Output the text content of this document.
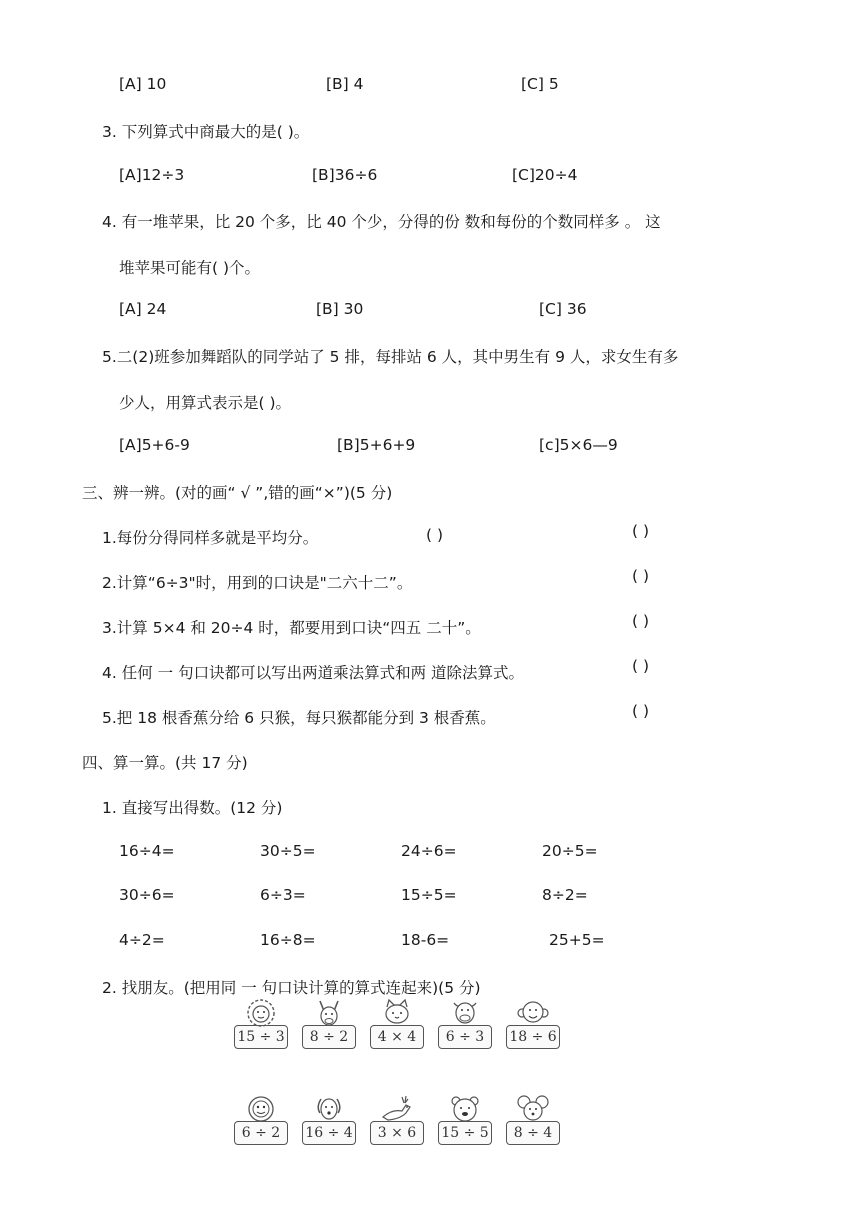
[A] 10	[B] 4	[C] 5
3. 下列算式中商最大的是( )。
[A]12÷3	[B]36÷6	[C]20÷4
4. 有一堆苹果，比 20 个多，比 40 个少，分得的份 数和每份的个数同样多 。 这
堆苹果可能有( )个。
[A] 24	[B] 30	[C] 36
5.二(2)班参加舞蹈队的同学站了 5 排，每排站 6 人，其中男生有 9 人，求女生有多
少人，用算式表示是( )。
[A]5+6-9	[B]5+6+9	[c]5×6—9
三、辨一辨。(对的画“ √ ”,错的画“×”)(5 分)
1.每份分得同样多就是平均分。	( )	( )
2.计算“6÷3"时，用到的口诀是"二六十二”。	( )
3.计算 5×4 和 20÷4 时，都要用到口诀“四五 二十”。	( )
4. 任何 一 句口诀都可以写出两道乘法算式和两 道除法算式。	( )
5.把 18 根香蕉分给 6 只猴，每只猴都能分到 3 根香蕉。	( )
四、算一算。(共 17 分)
1. 直接写出得数。(12 分)
16÷4=	30÷5=	24÷6=	20÷5=
30÷6=	6÷3=	15÷5=	8÷2=
4÷2=	16÷8=	18-6=	25+5=
2. 找朋友。(把用同 一 句口诀计算的算式连起来)(5 分)
15 ÷ 3	8 ÷ 2	4 × 4	6 ÷ 3	18 ÷ 6
6 ÷ 2	16 ÷ 4	3 × 6	15 ÷ 5	8 ÷ 4
